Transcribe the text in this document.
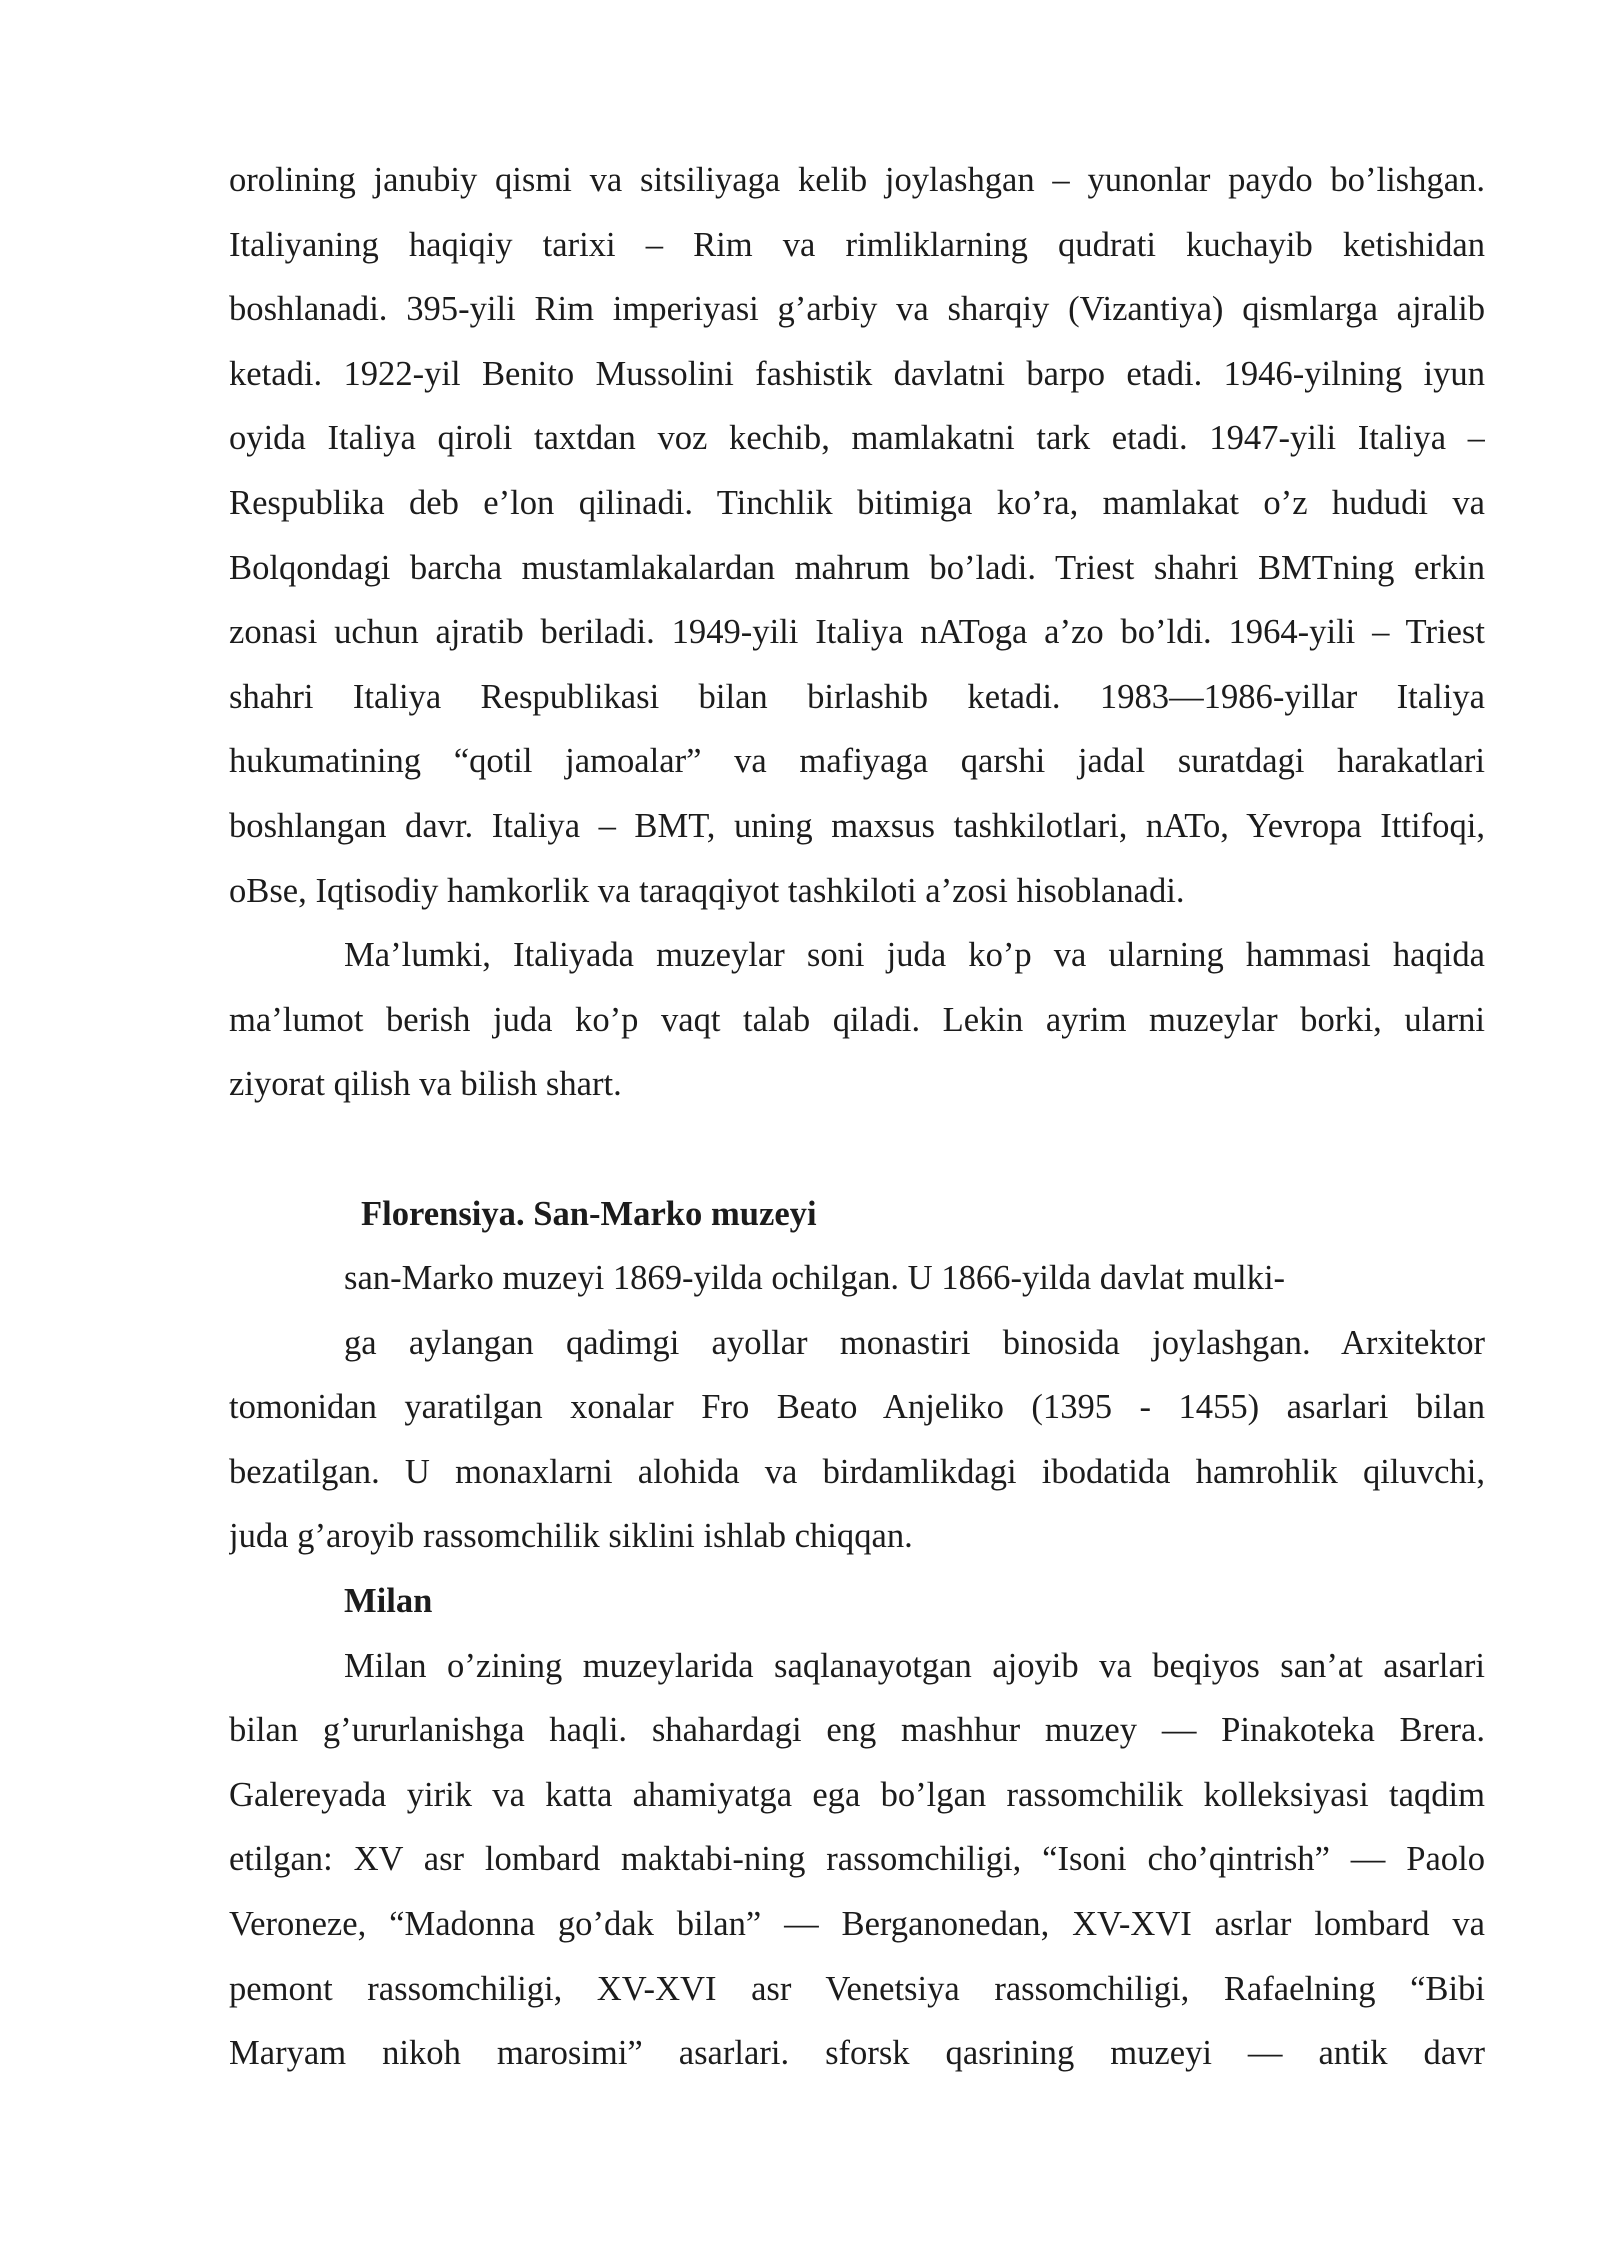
orolining janubiy qismi va sitsiliyaga kelib joylashgan – yunonlar paydo bo’lishgan.
Italiyaning haqiqiy tarixi – Rim va rimliklarning qudrati kuchayib ketishidan
boshlanadi. 395-yili Rim imperiyasi g’arbiy va sharqiy (Vizantiya) qismlarga ajralib
ketadi. 1922-yil Benito Mussolini fashistik davlatni barpo etadi. 1946-yilning iyun
oyida Italiya qiroli taxtdan voz kechib, mamlakatni tark etadi. 1947-yili Italiya –
Respublika deb e’lon qilinadi. Tinchlik bitimiga ko’ra, mamlakat o’z hududi va
Bolqondagi barcha mustamlakalardan mahrum bo’ladi. Triest shahri BMTning erkin
zonasi uchun ajratib beriladi. 1949-yili Italiya nAToga a’zo bo’ldi. 1964-yili – Triest
shahri Italiya Respublikasi bilan birlashib ketadi. 1983—1986-yillar Italiya
hukumatining “qotil jamoalar” va mafiyaga qarshi jadal suratdagi harakatlari
boshlangan davr. Italiya – BMT, uning maxsus tashkilotlari, nATo, Yevropa Ittifoqi,
oBse, Iqtisodiy hamkorlik va taraqqiyot tashkiloti a’zosi hisoblanadi.
Ma’lumki, Italiyada muzeylar soni juda ko’p va ularning hammasi haqida
ma’lumot berish juda ko’p vaqt talab qiladi. Lekin ayrim muzeylar borki, ularni
ziyorat qilish va bilish shart.
Florensiya. San-Marko muzeyi
san-Marko muzeyi 1869-yilda ochilgan. U 1866-yilda davlat mulki-
ga aylangan qadimgi ayollar monastiri binosida joylashgan. Arxitektor
tomonidan yaratilgan xonalar Fro Beato Anjeliko (1395 - 1455) asarlari bilan
bezatilgan. U monaxlarni alohida va birdamlikdagi ibodatida hamrohlik qiluvchi,
juda g’aroyib rassomchilik siklini ishlab chiqqan.
Milan
Milan o’zining muzeylarida saqlanayotgan ajoyib va beqiyos san’at asarlari
bilan g’ururlanishga haqli. shahardagi eng mashhur muzey — Pinakoteka Brera.
Galereyada yirik va katta ahamiyatga ega bo’lgan rassomchilik kolleksiyasi taqdim
etilgan: XV asr lombard maktabi-ning rassomchiligi, “Isoni cho’qintrish” — Paolo
Veroneze, “Madonna go’dak bilan” — Berganonedan, XV-XVI asrlar lombard va
pemont rassomchiligi, XV-XVI asr Venetsiya rassomchiligi, Rafaelning “Bibi
Maryam nikoh marosimi” asarlari. sforsk qasrining muzeyi — antik davr
